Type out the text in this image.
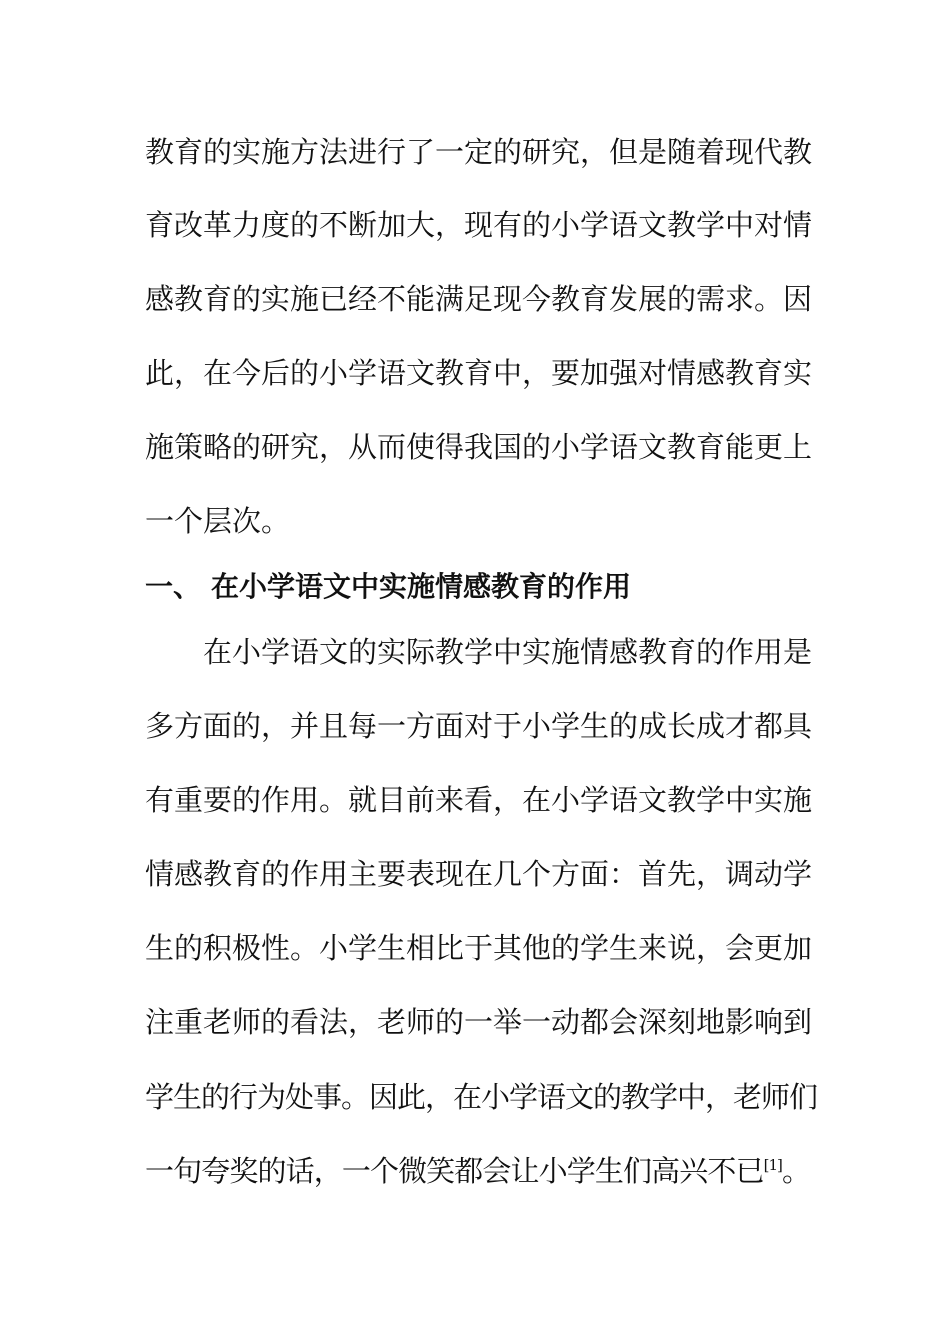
教育的实施方法进行了一定的研究，但是随着现代教
育改革力度的不断加大，现有的小学语文教学中对情
感教育的实施已经不能满足现今教育发展的需求。因
此，在今后的小学语文教育中，要加强对情感教育实
施策略的研究，从而使得我国的小学语文教育能更上
一个层次。
一、 在小学语文中实施情感教育的作用
在小学语文的实际教学中实施情感教育的作用是
多方面的，并且每一方面对于小学生的成长成才都具
有重要的作用。就目前来看，在小学语文教学中实施
情感教育的作用主要表现在几个方面：首先，调动学
生的积极性。小学生相比于其他的学生来说，会更加
注重老师的看法，老师的一举一动都会深刻地影响到
学生的行为处事。因此，在小学语文的教学中，老师们
一句夸奖的话，一个微笑都会让小学生们高兴不已[1]。
